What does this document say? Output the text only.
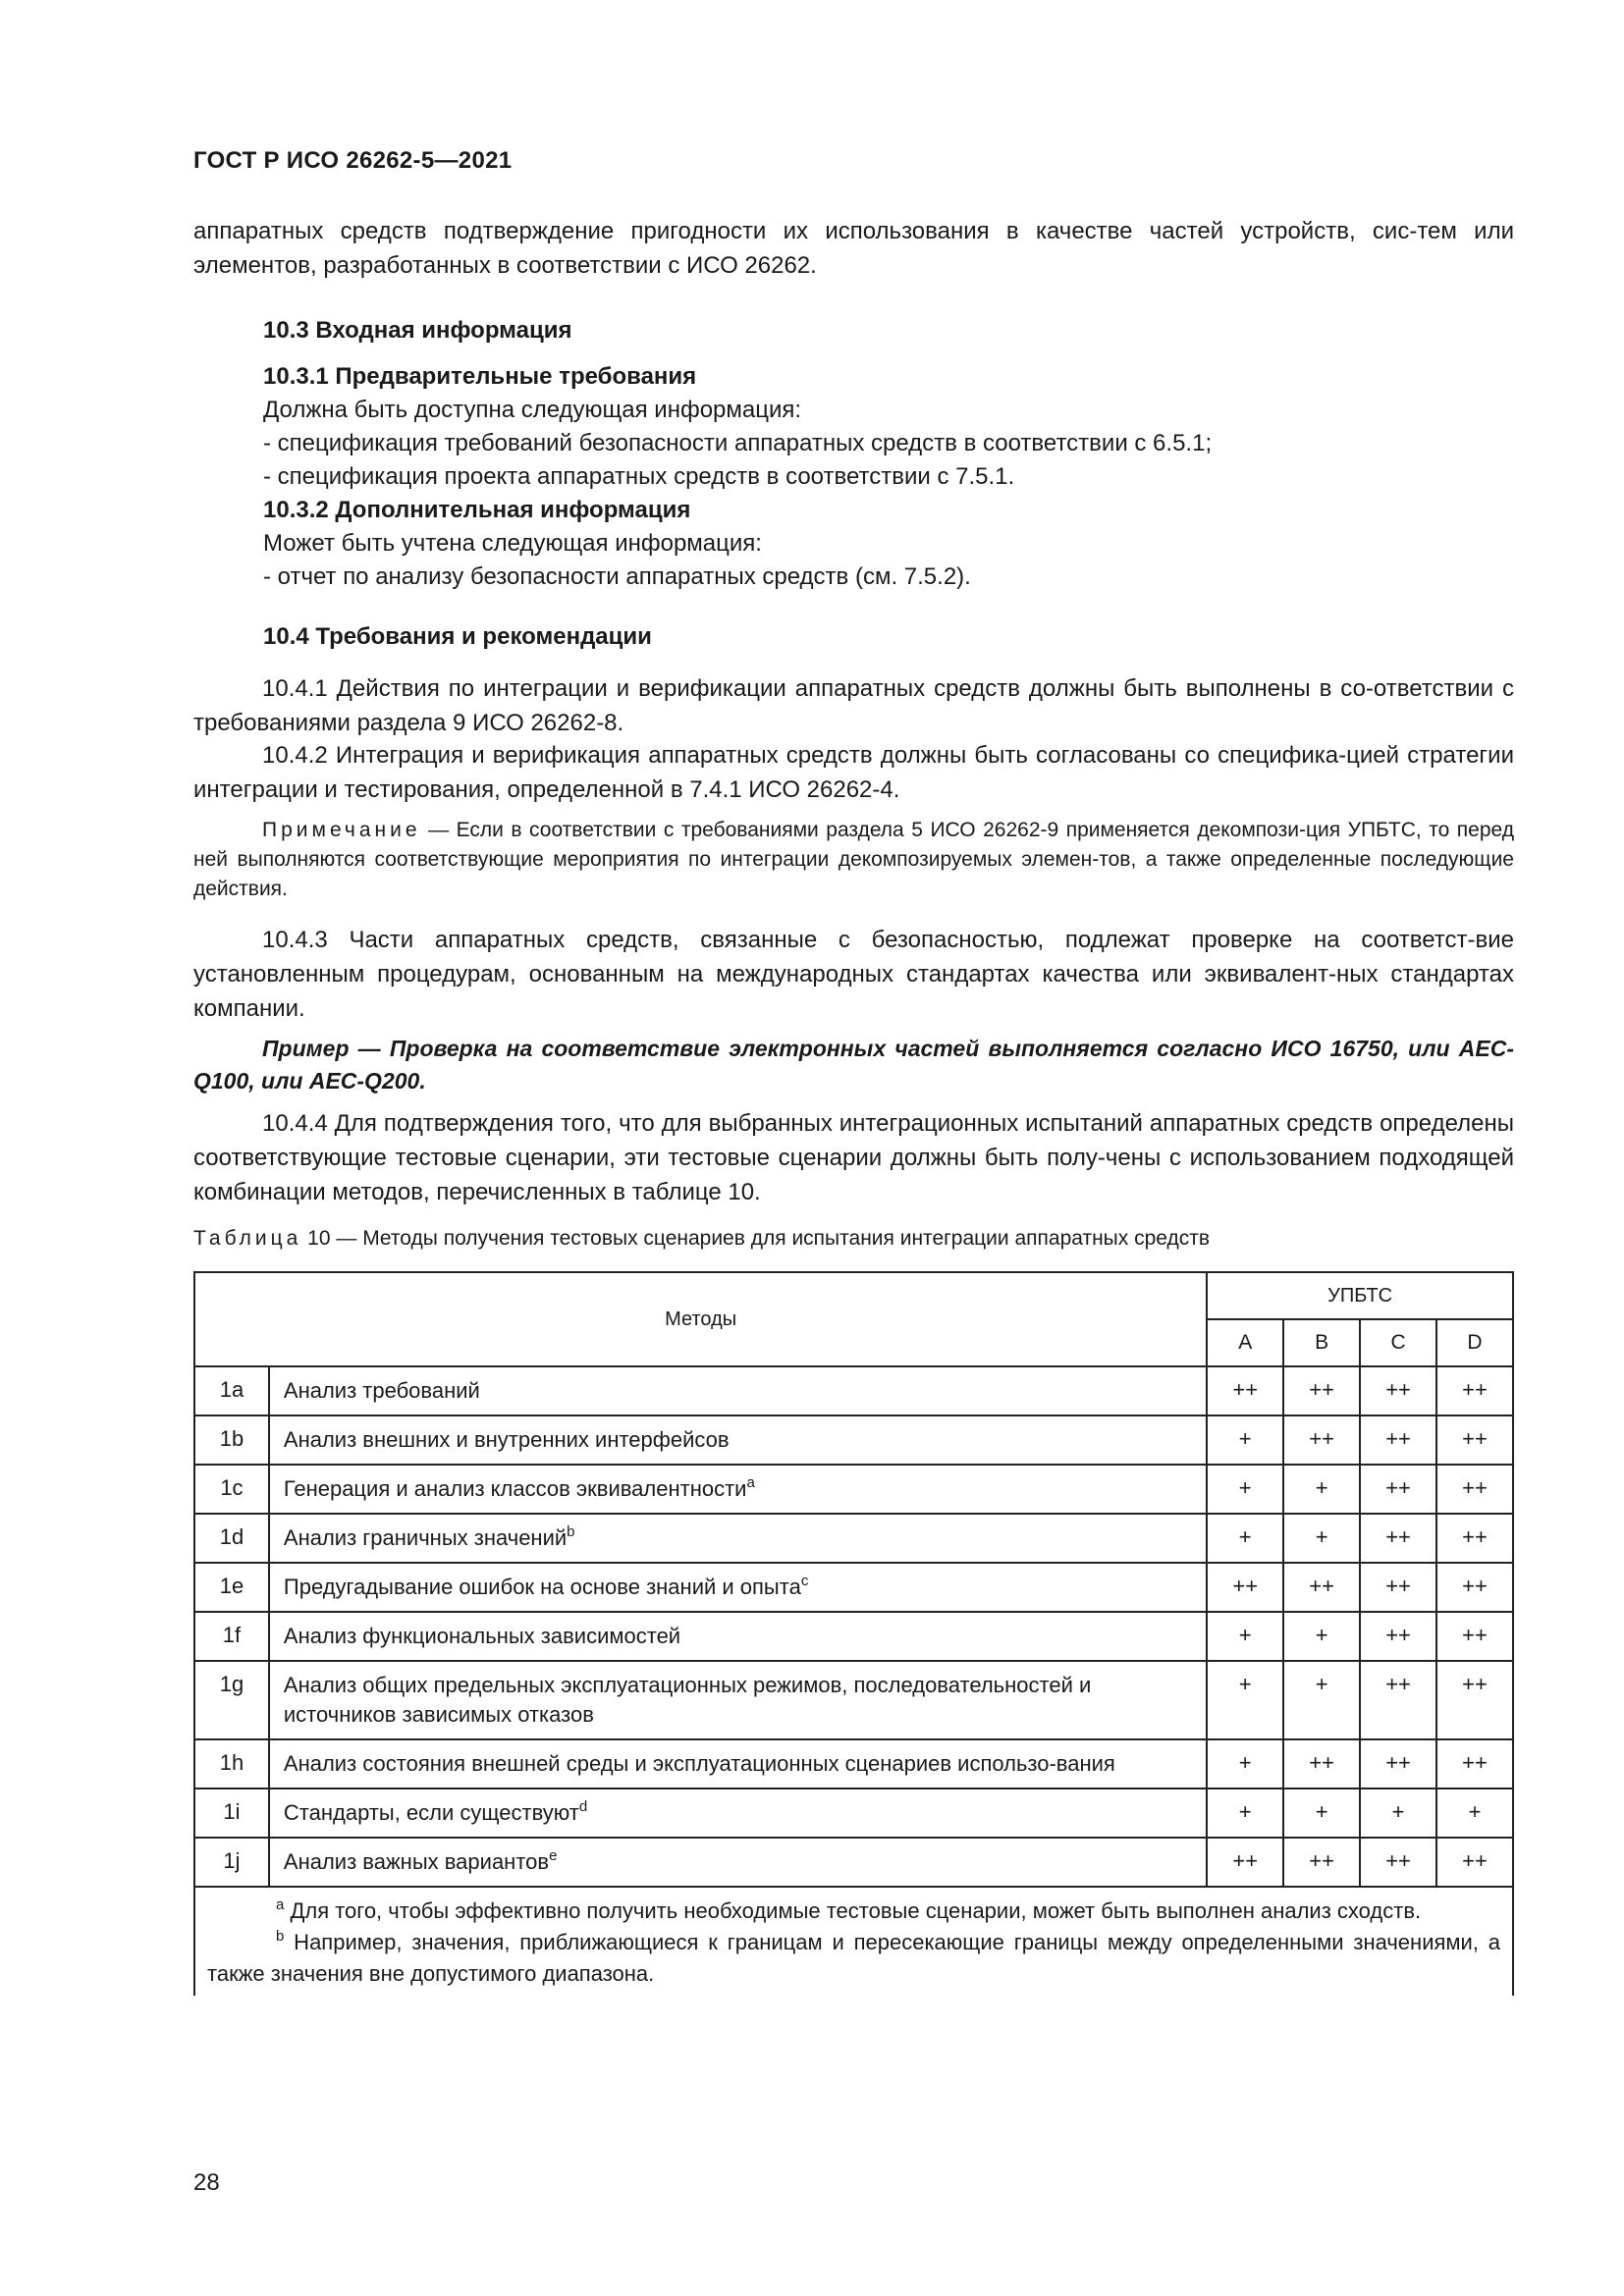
ГОСТ Р ИСО 26262-5—2021
аппаратных средств подтверждение пригодности их использования в качестве частей устройств, сис-тем или элементов, разработанных в соответствии с ИСО 26262.
10.3 Входная информация
10.3.1 Предварительные требования
Должна быть доступна следующая информация:
- спецификация требований безопасности аппаратных средств в соответствии с 6.5.1;
- спецификация проекта аппаратных средств в соответствии с 7.5.1.
10.3.2 Дополнительная информация
Может быть учтена следующая информация:
- отчет по анализу безопасности аппаратных средств (см. 7.5.2).
10.4 Требования и рекомендации
10.4.1 Действия по интеграции и верификации аппаратных средств должны быть выполнены в со-ответствии с требованиями раздела 9 ИСО 26262-8.
10.4.2 Интеграция и верификация аппаратных средств должны быть согласованы со специфика-цией стратегии интеграции и тестирования, определенной в 7.4.1 ИСО 26262-4.
Примечание — Если в соответствии с требованиями раздела 5 ИСО 26262-9 применяется декомпози-ция УПБТС, то перед ней выполняются соответствующие мероприятия по интеграции декомпозируемых элемен-тов, а также определенные последующие действия.
10.4.3 Части аппаратных средств, связанные с безопасностью, подлежат проверке на соответст-вие установленным процедурам, основанным на международных стандартах качества или эквивалент-ных стандартах компании.
Пример — Проверка на соответствие электронных частей выполняется согласно ИСО 16750, или AEC-Q100, или AEC-Q200.
10.4.4 Для подтверждения того, что для выбранных интеграционных испытаний аппаратных средств определены соответствующие тестовые сценарии, эти тестовые сценарии должны быть полу-чены с использованием подходящей комбинации методов, перечисленных в таблице 10.
Таблица 10 — Методы получения тестовых сценариев для испытания интеграции аппаратных средств
Методы		УПБТС			
		A	B	C	D
1a	Анализ требований	++	++	++	++
1b	Анализ внешних и внутренних интерфейсов	+	++	++	++
1c	Генерация и анализ классов эквивалентности$^a$	+	+	++	++
1d	Анализ граничных значений$^b$	+	+	++	++
1e	Предугадывание ошибок на основе знаний и опыта$^c$	++	++	++	++
1f	Анализ функциональных зависимостей	+	+	++	++
1g	Анализ общих предельных эксплуатационных режимов, последовательностей и источников зависимых отказов	+	+	++	++
1h	Анализ состояния внешней среды и эксплуатационных сценариев использо-вания	+	++	++	++
1i	Стандарты, если существуют$^d$	+	+	+	+
1j	Анализ важных вариантов$^e$	++	++	++	++

$^a$ Для того, чтобы эффективно получить необходимые тестовые сценарии, может быть выполнен анализ сходств.
$^b$ Например, значения, приближающиеся к границам и пересекающие границы между определенными значениями, а также значения вне допустимого диапазона.					
28
